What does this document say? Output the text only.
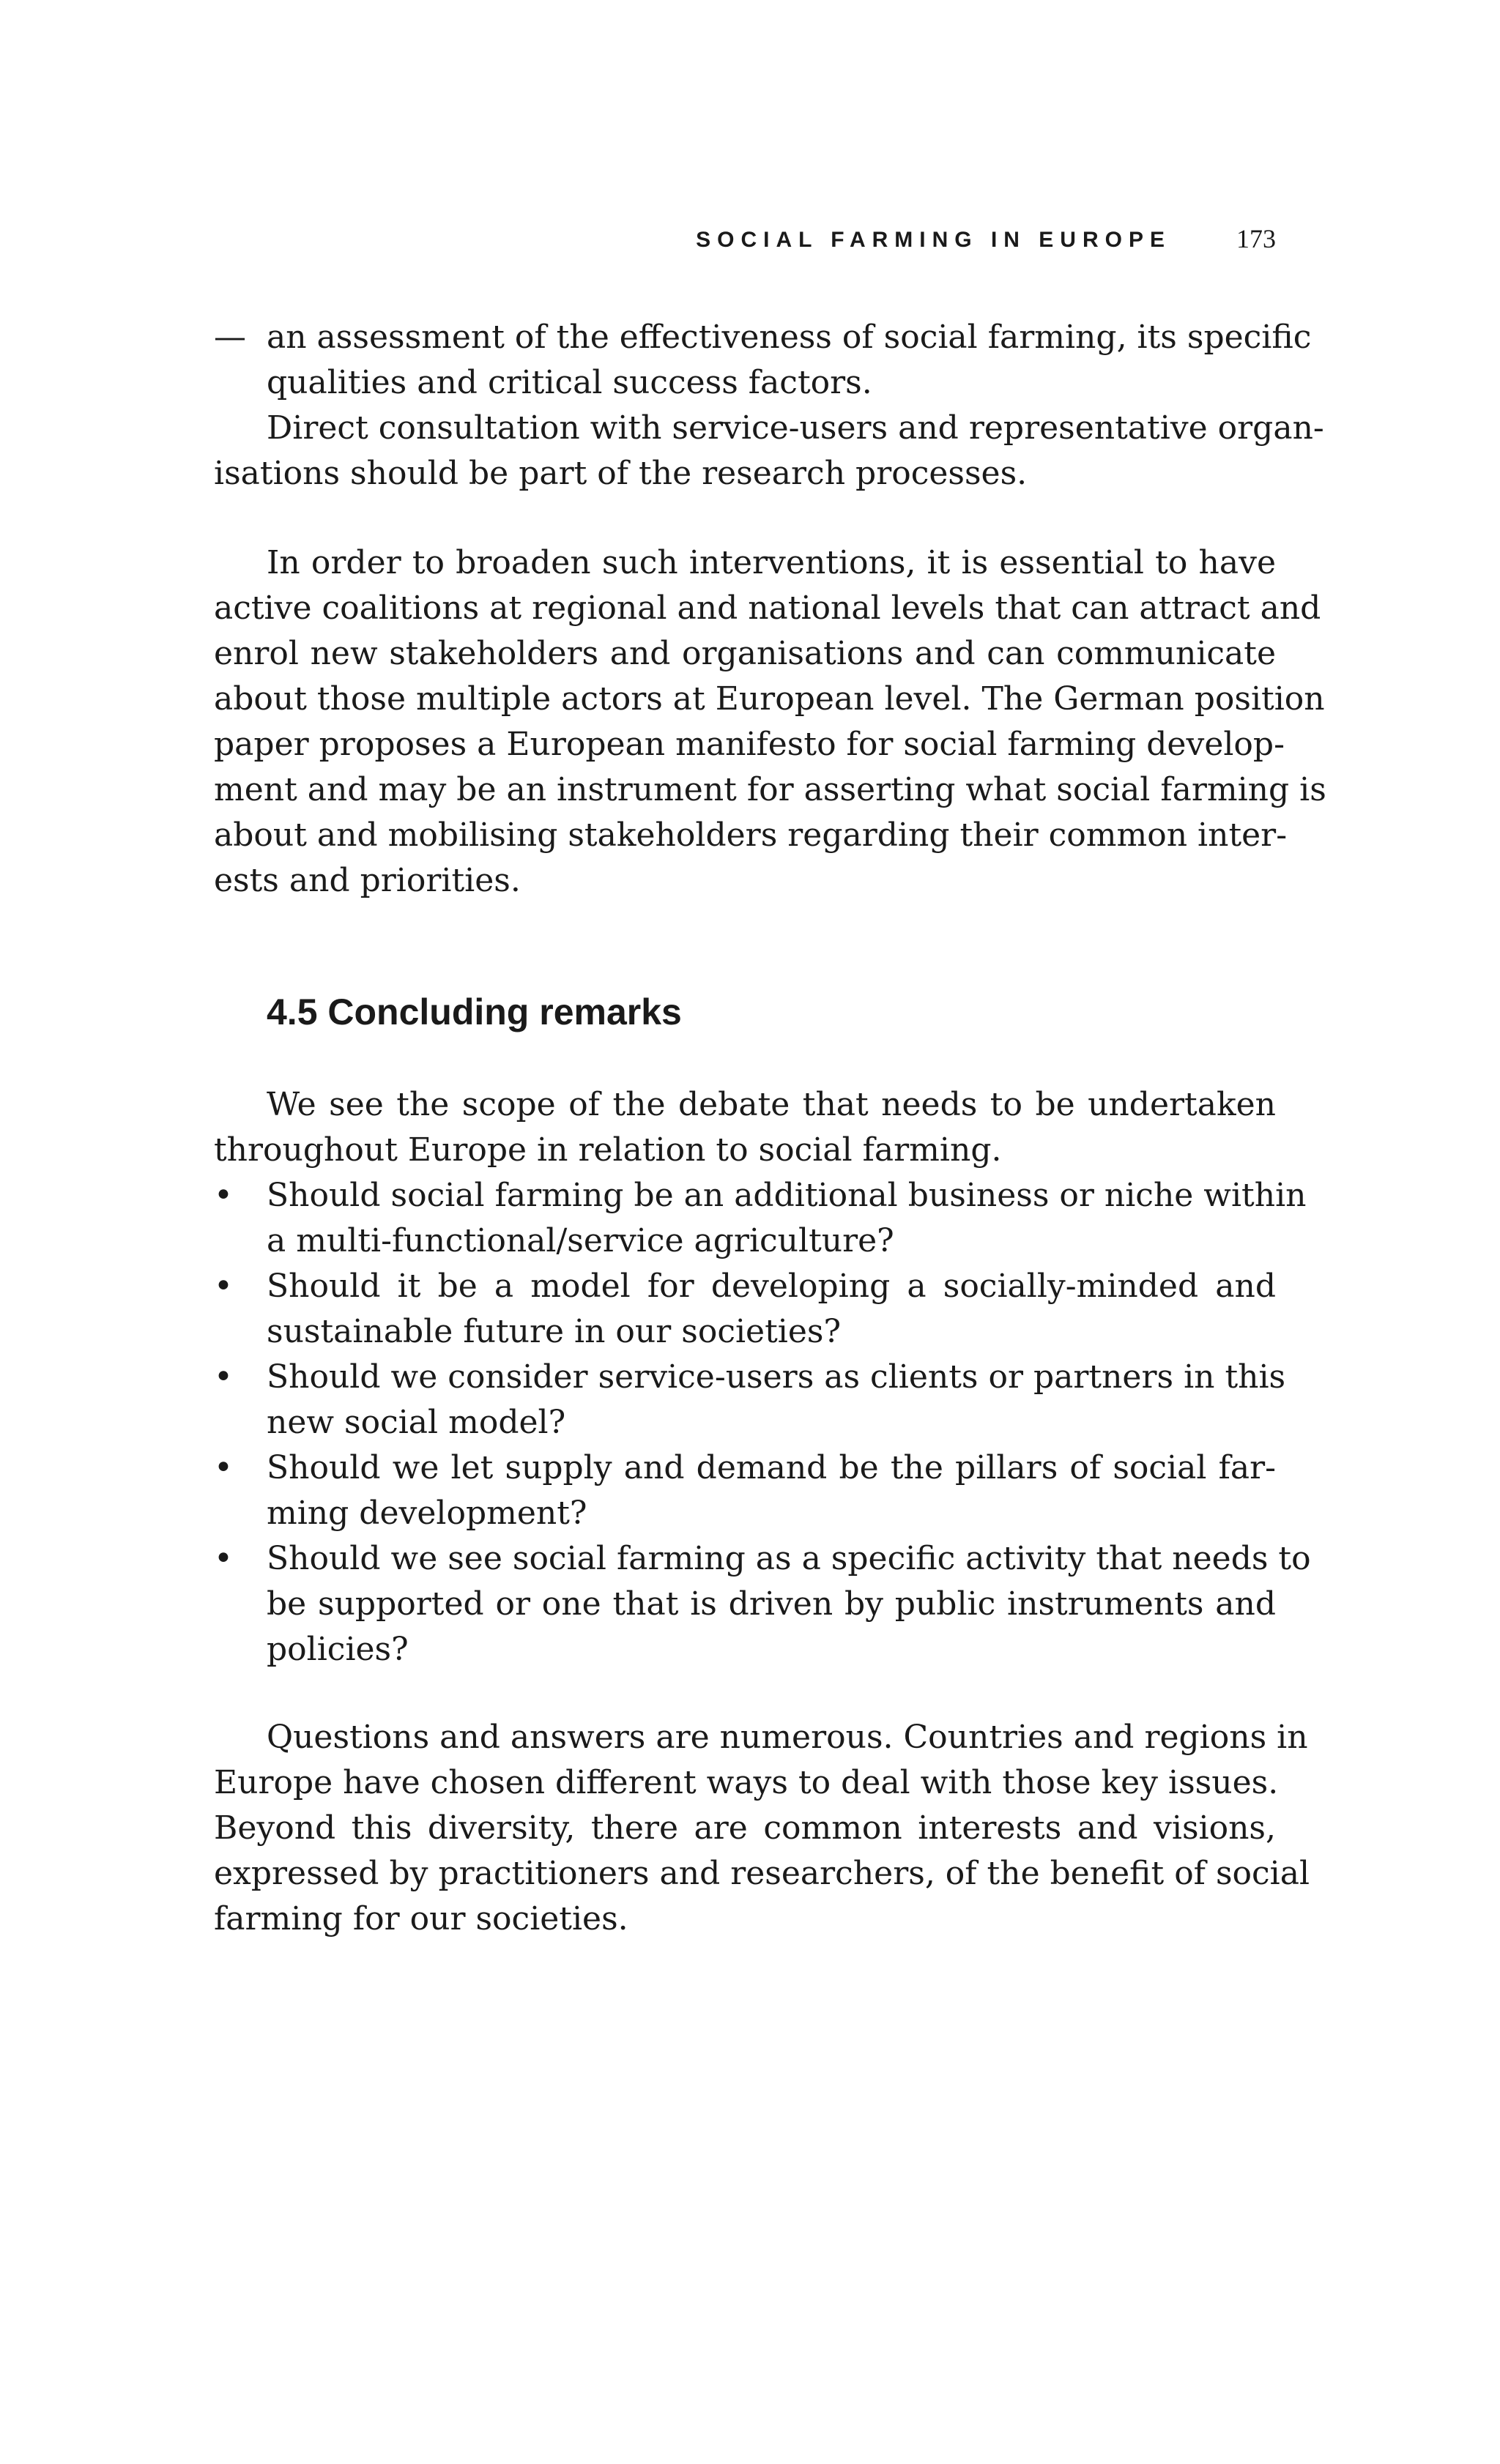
SOCIAL FARMING IN EUROPE 173
— an assessment of the effectiveness of social farming, its specific
qualities and critical success factors.

Direct consultation with service-users and representative organ-
isations should be part of the research processes.

In order to broaden such interventions, it is essential to have
active coalitions at regional and national levels that can attract and
enrol new stakeholders and organisations and can communicate
about those multiple actors at European level. The German position
paper proposes a European manifesto for social farming develop-
ment and may be an instrument for asserting what social farming is
about and mobilising stakeholders regarding their common inter-
ests and priorities.
4.5 Concluding remarks
We see the scope of the debate that needs to be undertaken
throughout Europe in relation to social farming.
• Should social farming be an additional business or niche within
a multi-functional/service agriculture?
• Should it be a model for developing a socially-minded and
sustainable future in our societies?
• Should we consider service-users as clients or partners in this
new social model?
• Should we let supply and demand be the pillars of social far-
ming development?
• Should we see social farming as a specific activity that needs to
be supported or one that is driven by public instruments and
policies?
Questions and answers are numerous. Countries and regions in
Europe have chosen different ways to deal with those key issues.
Beyond this diversity, there are common interests and visions,
expressed by practitioners and researchers, of the benefit of social
farming for our societies.
